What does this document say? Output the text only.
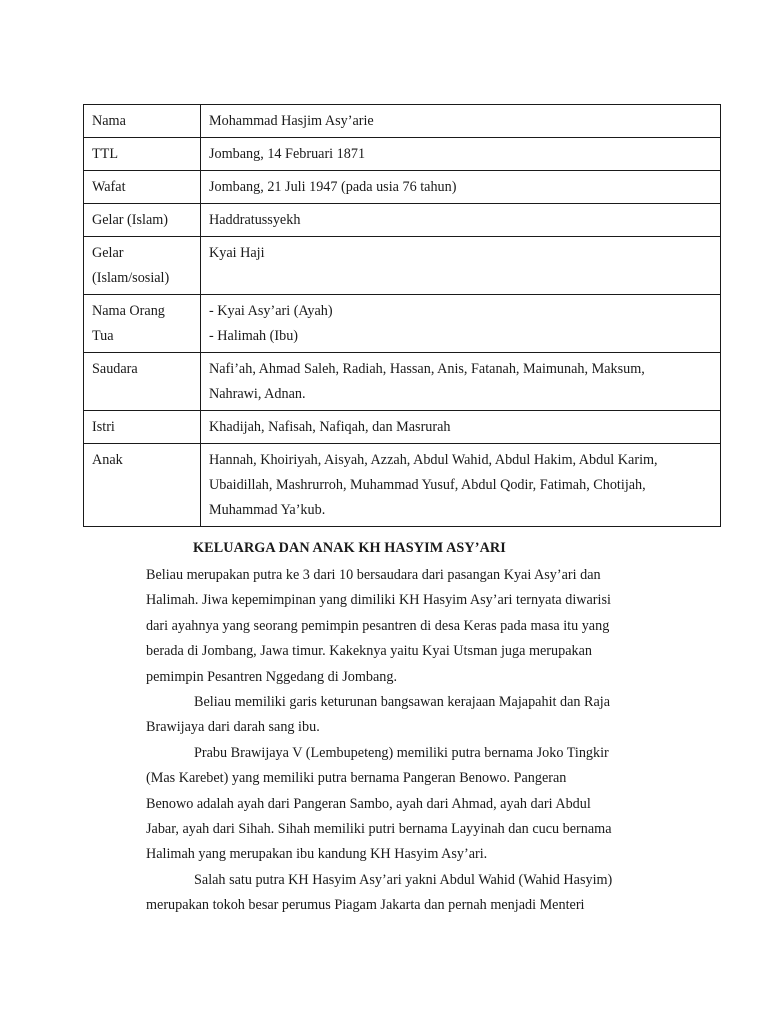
Nama	Mohammad Hasjim Asy’arie

TTL	Jombang, 14 Februari 1871

Wafat	Jombang, 21 Juli 1947 (pada usia 76 tahun)

Gelar (Islam)	Haddratussyekh

Gelar
(Islam/sosial)	Kyai Haji

Nama Orang
Tua	- Kyai Asy’ari (Ayah)
- Halimah (Ibu)

Saudara	Nafi’ah, Ahmad Saleh, Radiah, Hassan, Anis, Fatanah, Maimunah, Maksum,
Nahrawi, Adnan.

Istri	Khadijah, Nafisah, Nafiqah, dan Masrurah

Anak	Hannah, Khoiriyah, Aisyah, Azzah, Abdul Wahid, Abdul Hakim, Abdul Karim,
Ubaidillah, Mashrurroh, Muhammad Yusuf, Abdul Qodir, Fatimah, Chotijah,
Muhammad Ya’kub.
KELUARGA DAN ANAK KH HASYIM ASY’ARI
Beliau merupakan putra ke 3 dari 10 bersaudara dari pasangan Kyai Asy’ari dan
Halimah. Jiwa kepemimpinan yang dimiliki KH Hasyim Asy’ari ternyata diwarisi
dari ayahnya yang seorang pemimpin pesantren di desa Keras pada masa itu yang
berada di Jombang, Jawa timur. Kakeknya yaitu Kyai Utsman juga merupakan
pemimpin Pesantren Nggedang di Jombang.
Beliau memiliki garis keturunan bangsawan kerajaan Majapahit dan Raja
Brawijaya dari darah sang ibu.
Prabu Brawijaya V (Lembupeteng) memiliki putra bernama Joko Tingkir
(Mas Karebet) yang memiliki putra bernama Pangeran Benowo. Pangeran
Benowo adalah ayah dari Pangeran Sambo, ayah dari Ahmad, ayah dari Abdul
Jabar, ayah dari Sihah. Sihah memiliki putri bernama Layyinah dan cucu bernama
Halimah yang merupakan ibu kandung KH Hasyim Asy’ari.
Salah satu putra KH Hasyim Asy’ari yakni Abdul Wahid (Wahid Hasyim)
merupakan tokoh besar perumus Piagam Jakarta dan pernah menjadi Menteri
